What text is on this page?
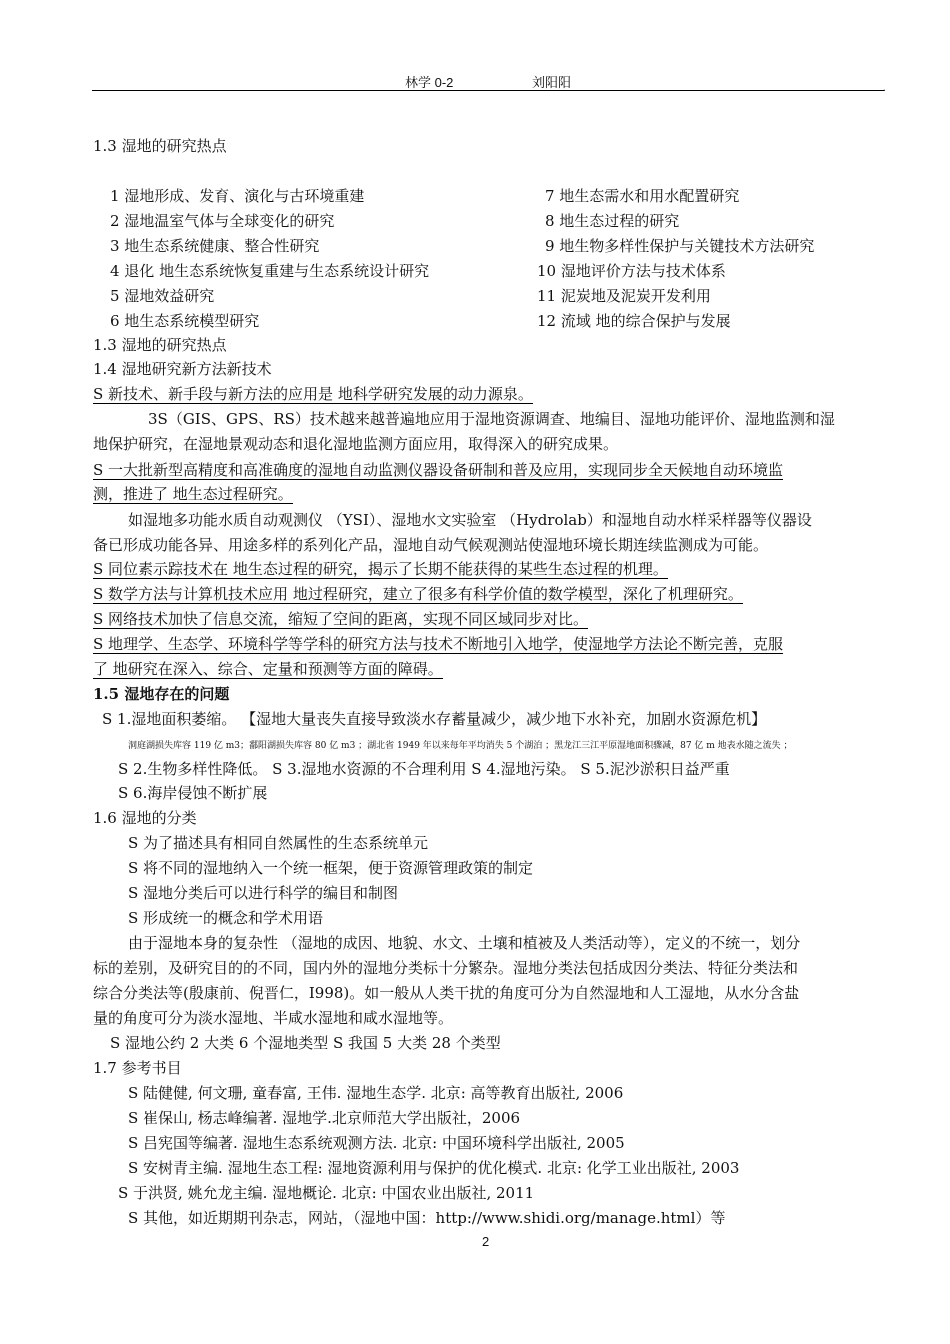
林学 0-2	刘阳阳	.
1.3 湿地的研究热点
1 湿地形成、发育、演化与古环境重建
2 湿地温室气体与全球变化的研究
3 地生态系统健康、整合性研究
4 退化 地生态系统恢复重建与生态系统设计研究
5 湿地效益研究
6 地生态系统模型研究
7 地生态需水和用水配置研究
8 地生态过程的研究
9 地生物多样性保护与关键技术方法研究
10 湿地评价方法与技术体系
11 泥炭地及泥炭开发利用
12 流域 地的综合保护与发展
1.3 湿地的研究热点
1.4 湿地研究新方法新技术
S 新技术、新手段与新方法的应用是 地科学研究发展的动力源泉。
3S（GIS、GPS、RS）技术越来越普遍地应用于湿地资源调查、地编目、湿地功能评价、湿地监测和湿
地保护研究，在湿地景观动态和退化湿地监测方面应用，取得深入的研究成果。
S 一大批新型高精度和高准确度的湿地自动监测仪器设备研制和普及应用，实现同步全天候地自动环境监
测，推进了 地生态过程研究。
如湿地多功能水质自动观测仪 （YSI）、湿地水文实验室 （Hydrolab）和湿地自动水样采样器等仪器设
备已形成功能各异、用途多样的系列化产品，湿地自动气候观测站使湿地环境长期连续监测成为可能。
S 同位素示踪技术在 地生态过程的研究，揭示了长期不能获得的某些生态过程的机理。
S 数学方法与计算机技术应用 地过程研究，建立了很多有科学价值的数学模型，深化了机理研究。
S 网络技术加快了信息交流，缩短了空间的距离，实现不同区域同步对比。
S 地理学、生态学、环境科学等学科的研究方法与技术不断地引入地学，使湿地学方法论不断完善，克服
了 地研究在深入、综合、定量和预测等方面的障碍。
1.5 湿地存在的问题
S 1.湿地面积萎缩。 【湿地大量丧失直接导致淡水存蓄量减少，减少地下水补充，加剧水资源危机】
洞庭湖损失库容 119 亿 m3；鄱阳湖损失库容 80 亿 m3 ；湖北省 1949 年以来每年平均消失 5 个湖泊 ；黑龙江三江平原湿地面积骤减，87 亿 m 地表水随之流失 ；
S 2.生物多样性降低。 S 3.湿地水资源的不合理利用 S 4.湿地污染。 S 5.泥沙淤积日益严重
S 6.海岸侵蚀不断扩展
1.6 湿地的分类
S 为了描述具有相同自然属性的生态系统单元
S 将不同的湿地纳入一个统一框架，便于资源管理政策的制定
S 湿地分类后可以进行科学的编目和制图
S 形成统一的概念和学术用语
由于湿地本身的复杂性 （湿地的成因、地貌、水文、土壤和植被及人类活动等），定义的不统一，划分
标的差别，及研究目的的不同，国内外的湿地分类标十分繁杂。湿地分类法包括成因分类法、特征分类法和
综合分类法等(殷康前、倪晋仁，I998)。如一般从人类干扰的角度可分为自然湿地和人工湿地，从水分含盐
量的角度可分为淡水湿地、半咸水湿地和咸水湿地等。
S 湿地公约 2 大类 6 个湿地类型 S 我国 5 大类 28 个类型
1.7 参考书目
S 陆健健, 何文珊, 童春富, 王伟. 湿地生态学. 北京: 高等教育出版社, 2006
S 崔保山, 杨志峰编著. 湿地学.北京师范大学出版社，2006
S 吕宪国等编著. 湿地生态系统观测方法. 北京: 中国环境科学出版社, 2005
S 安树青主编. 湿地生态工程: 湿地资源利用与保护的优化模式. 北京: 化学工业出版社, 2003
S 于洪贤, 姚允龙主编. 湿地概论. 北京: 中国农业出版社, 2011
S 其他，如近期期刊杂志，网站，（湿地中国：http://www.shidi.org/manage.html）等
2
